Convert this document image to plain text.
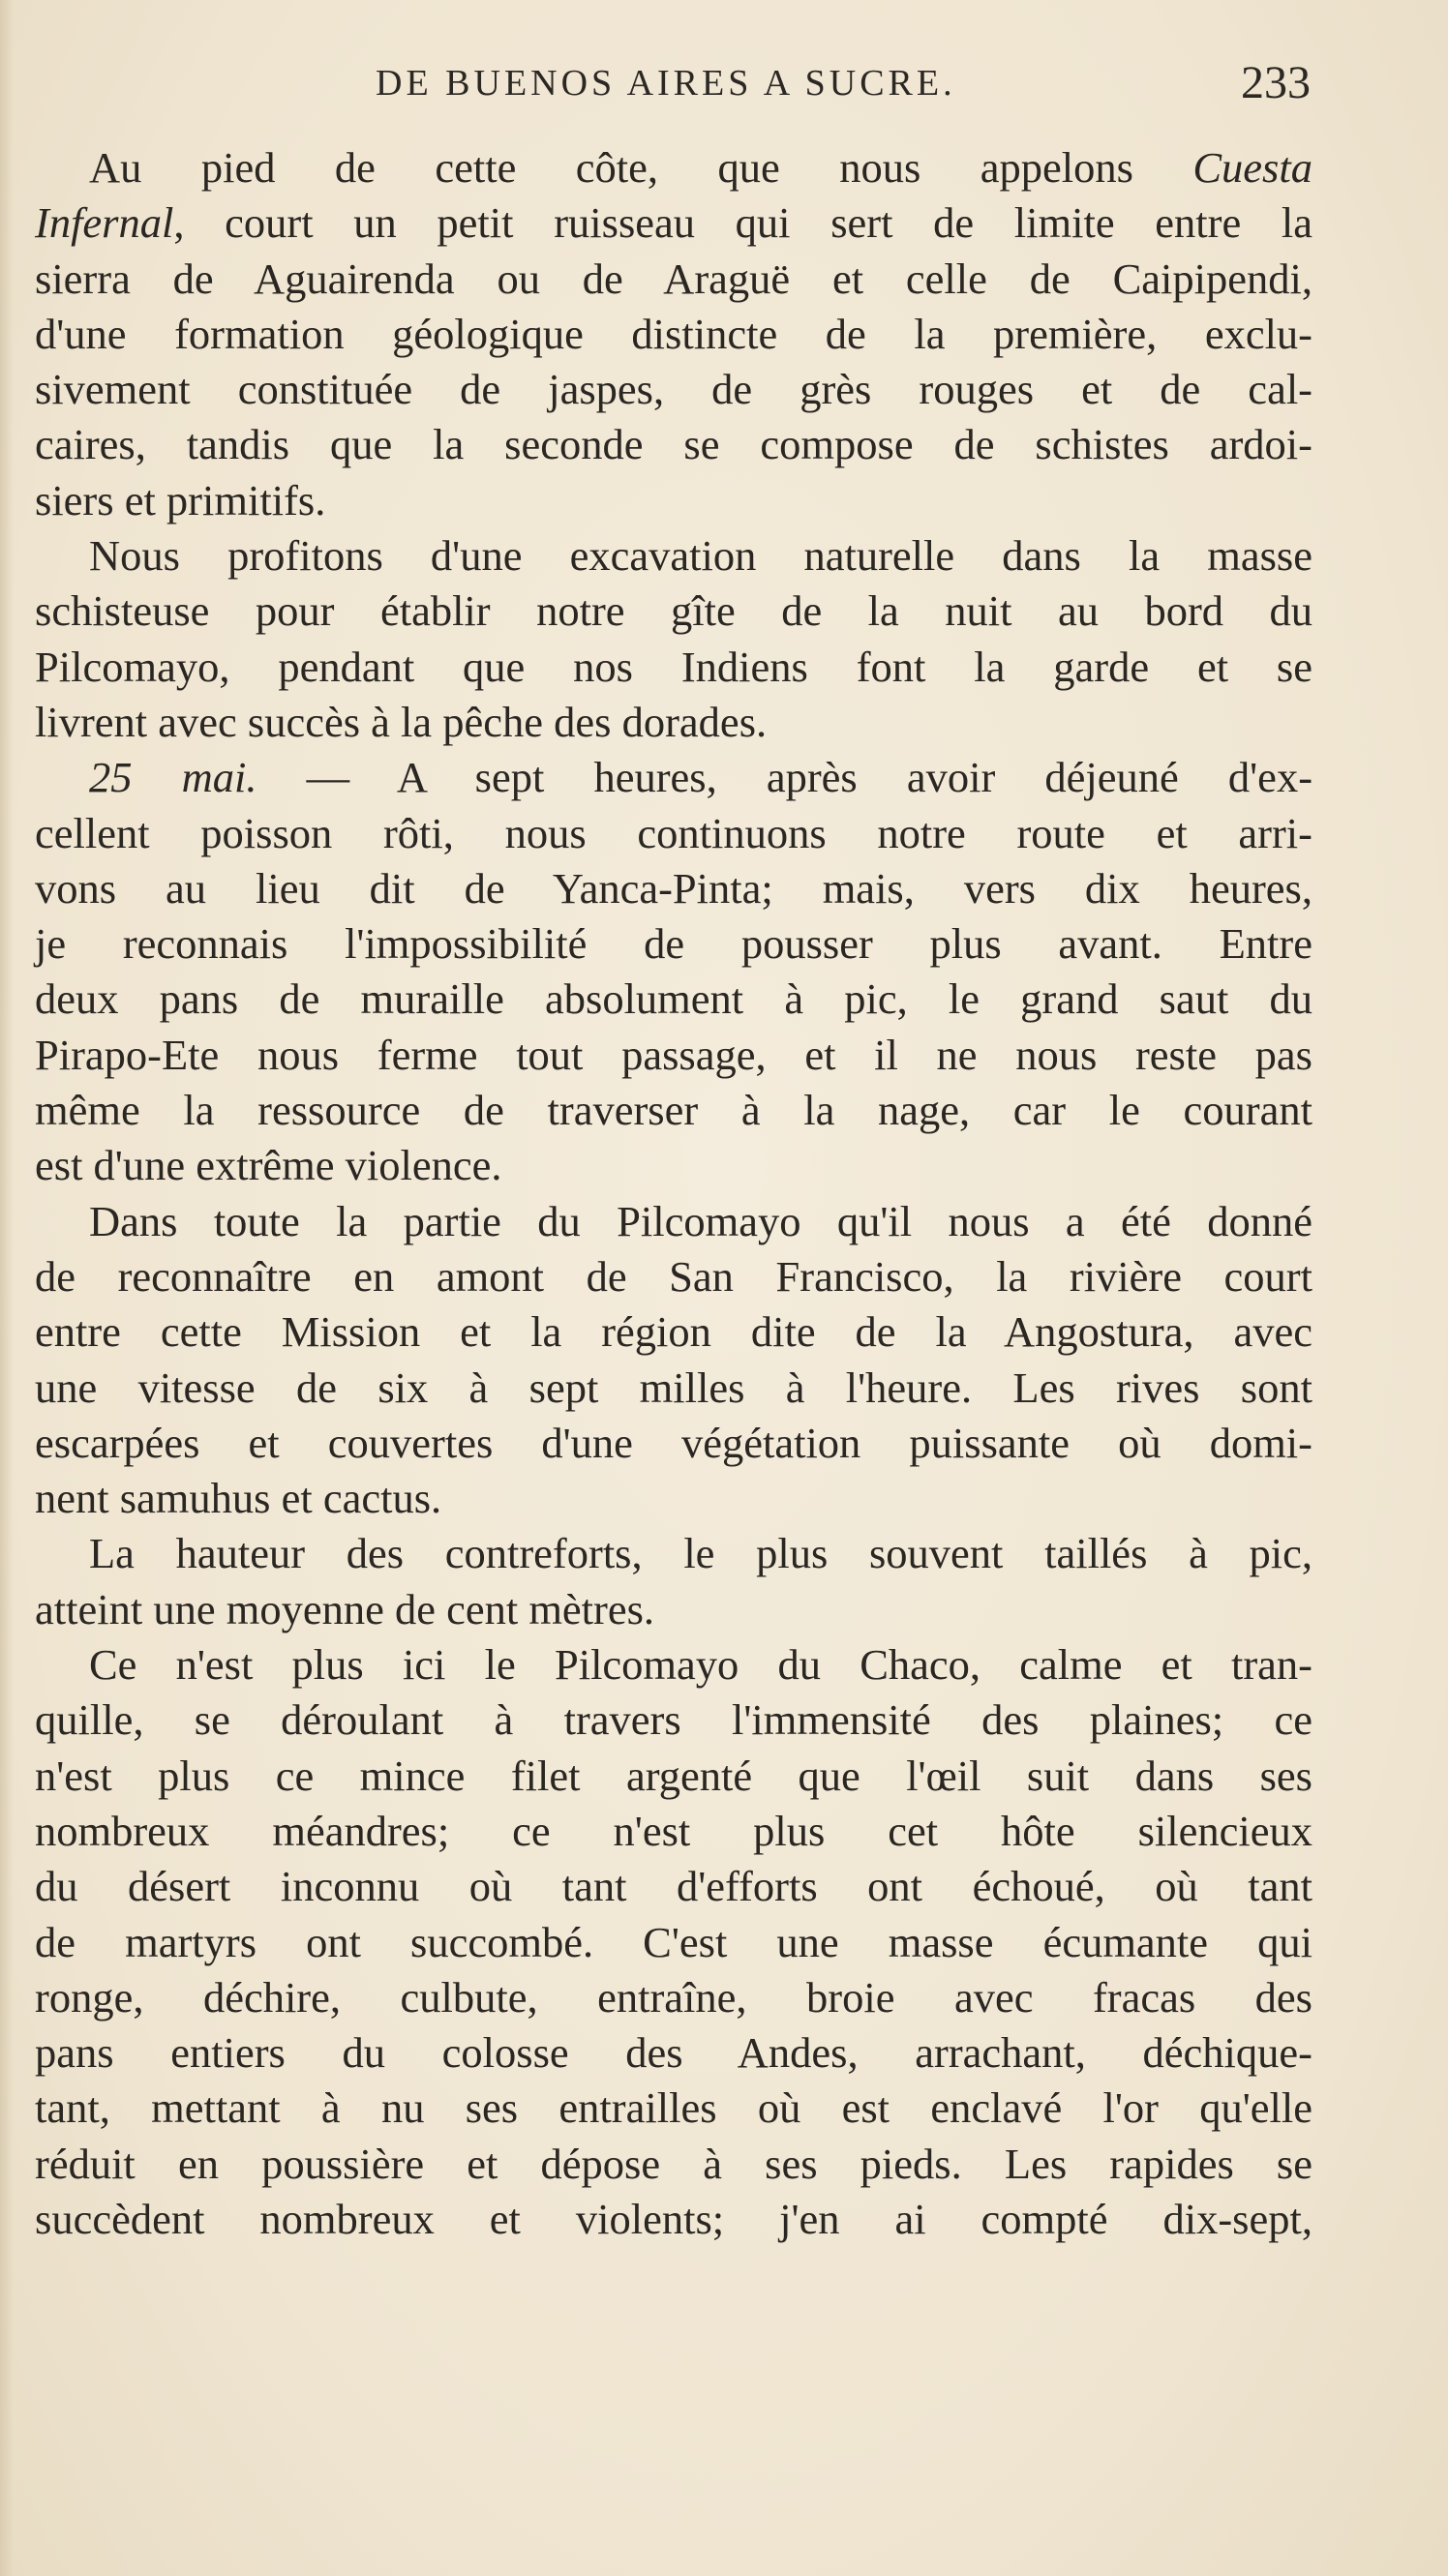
DE BUENOS AIRES A SUCRE.	233
Au pied de cette côte, que nous appelons Cuesta
Infernal, court un petit ruisseau qui sert de limite entre la
sierra de Aguairenda ou de Araguë et celle de Caipipendi,
d'une formation géologique distincte de la première, exclu-
sivement constituée de jaspes, de grès rouges et de cal-
caires, tandis que la seconde se compose de schistes ardoi-
siers et primitifs.
Nous profitons d'une excavation naturelle dans la masse
schisteuse pour établir notre gîte de la nuit au bord du
Pilcomayo, pendant que nos Indiens font la garde et se
livrent avec succès à la pêche des dorades.
25 mai. — A sept heures, après avoir déjeuné d'ex-
cellent poisson rôti, nous continuons notre route et arri-
vons au lieu dit de Yanca-Pinta; mais, vers dix heures,
je reconnais l'impossibilité de pousser plus avant. Entre
deux pans de muraille absolument à pic, le grand saut du
Pirapo-Ete nous ferme tout passage, et il ne nous reste pas
même la ressource de traverser à la nage, car le courant
est d'une extrême violence.
Dans toute la partie du Pilcomayo qu'il nous a été donné
de reconnaître en amont de San Francisco, la rivière court
entre cette Mission et la région dite de la Angostura, avec
une vitesse de six à sept milles à l'heure. Les rives sont
escarpées et couvertes d'une végétation puissante où domi-
nent samuhus et cactus.
La hauteur des contreforts, le plus souvent taillés à pic,
atteint une moyenne de cent mètres.
Ce n'est plus ici le Pilcomayo du Chaco, calme et tran-
quille, se déroulant à travers l'immensité des plaines; ce
n'est plus ce mince filet argenté que l'œil suit dans ses
nombreux méandres; ce n'est plus cet hôte silencieux
du désert inconnu où tant d'efforts ont échoué, où tant
de martyrs ont succombé. C'est une masse écumante qui
ronge, déchire, culbute, entraîne, broie avec fracas des
pans entiers du colosse des Andes, arrachant, déchique-
tant, mettant à nu ses entrailles où est enclavé l'or qu'elle
réduit en poussière et dépose à ses pieds. Les rapides se
succèdent nombreux et violents; j'en ai compté dix-sept,
